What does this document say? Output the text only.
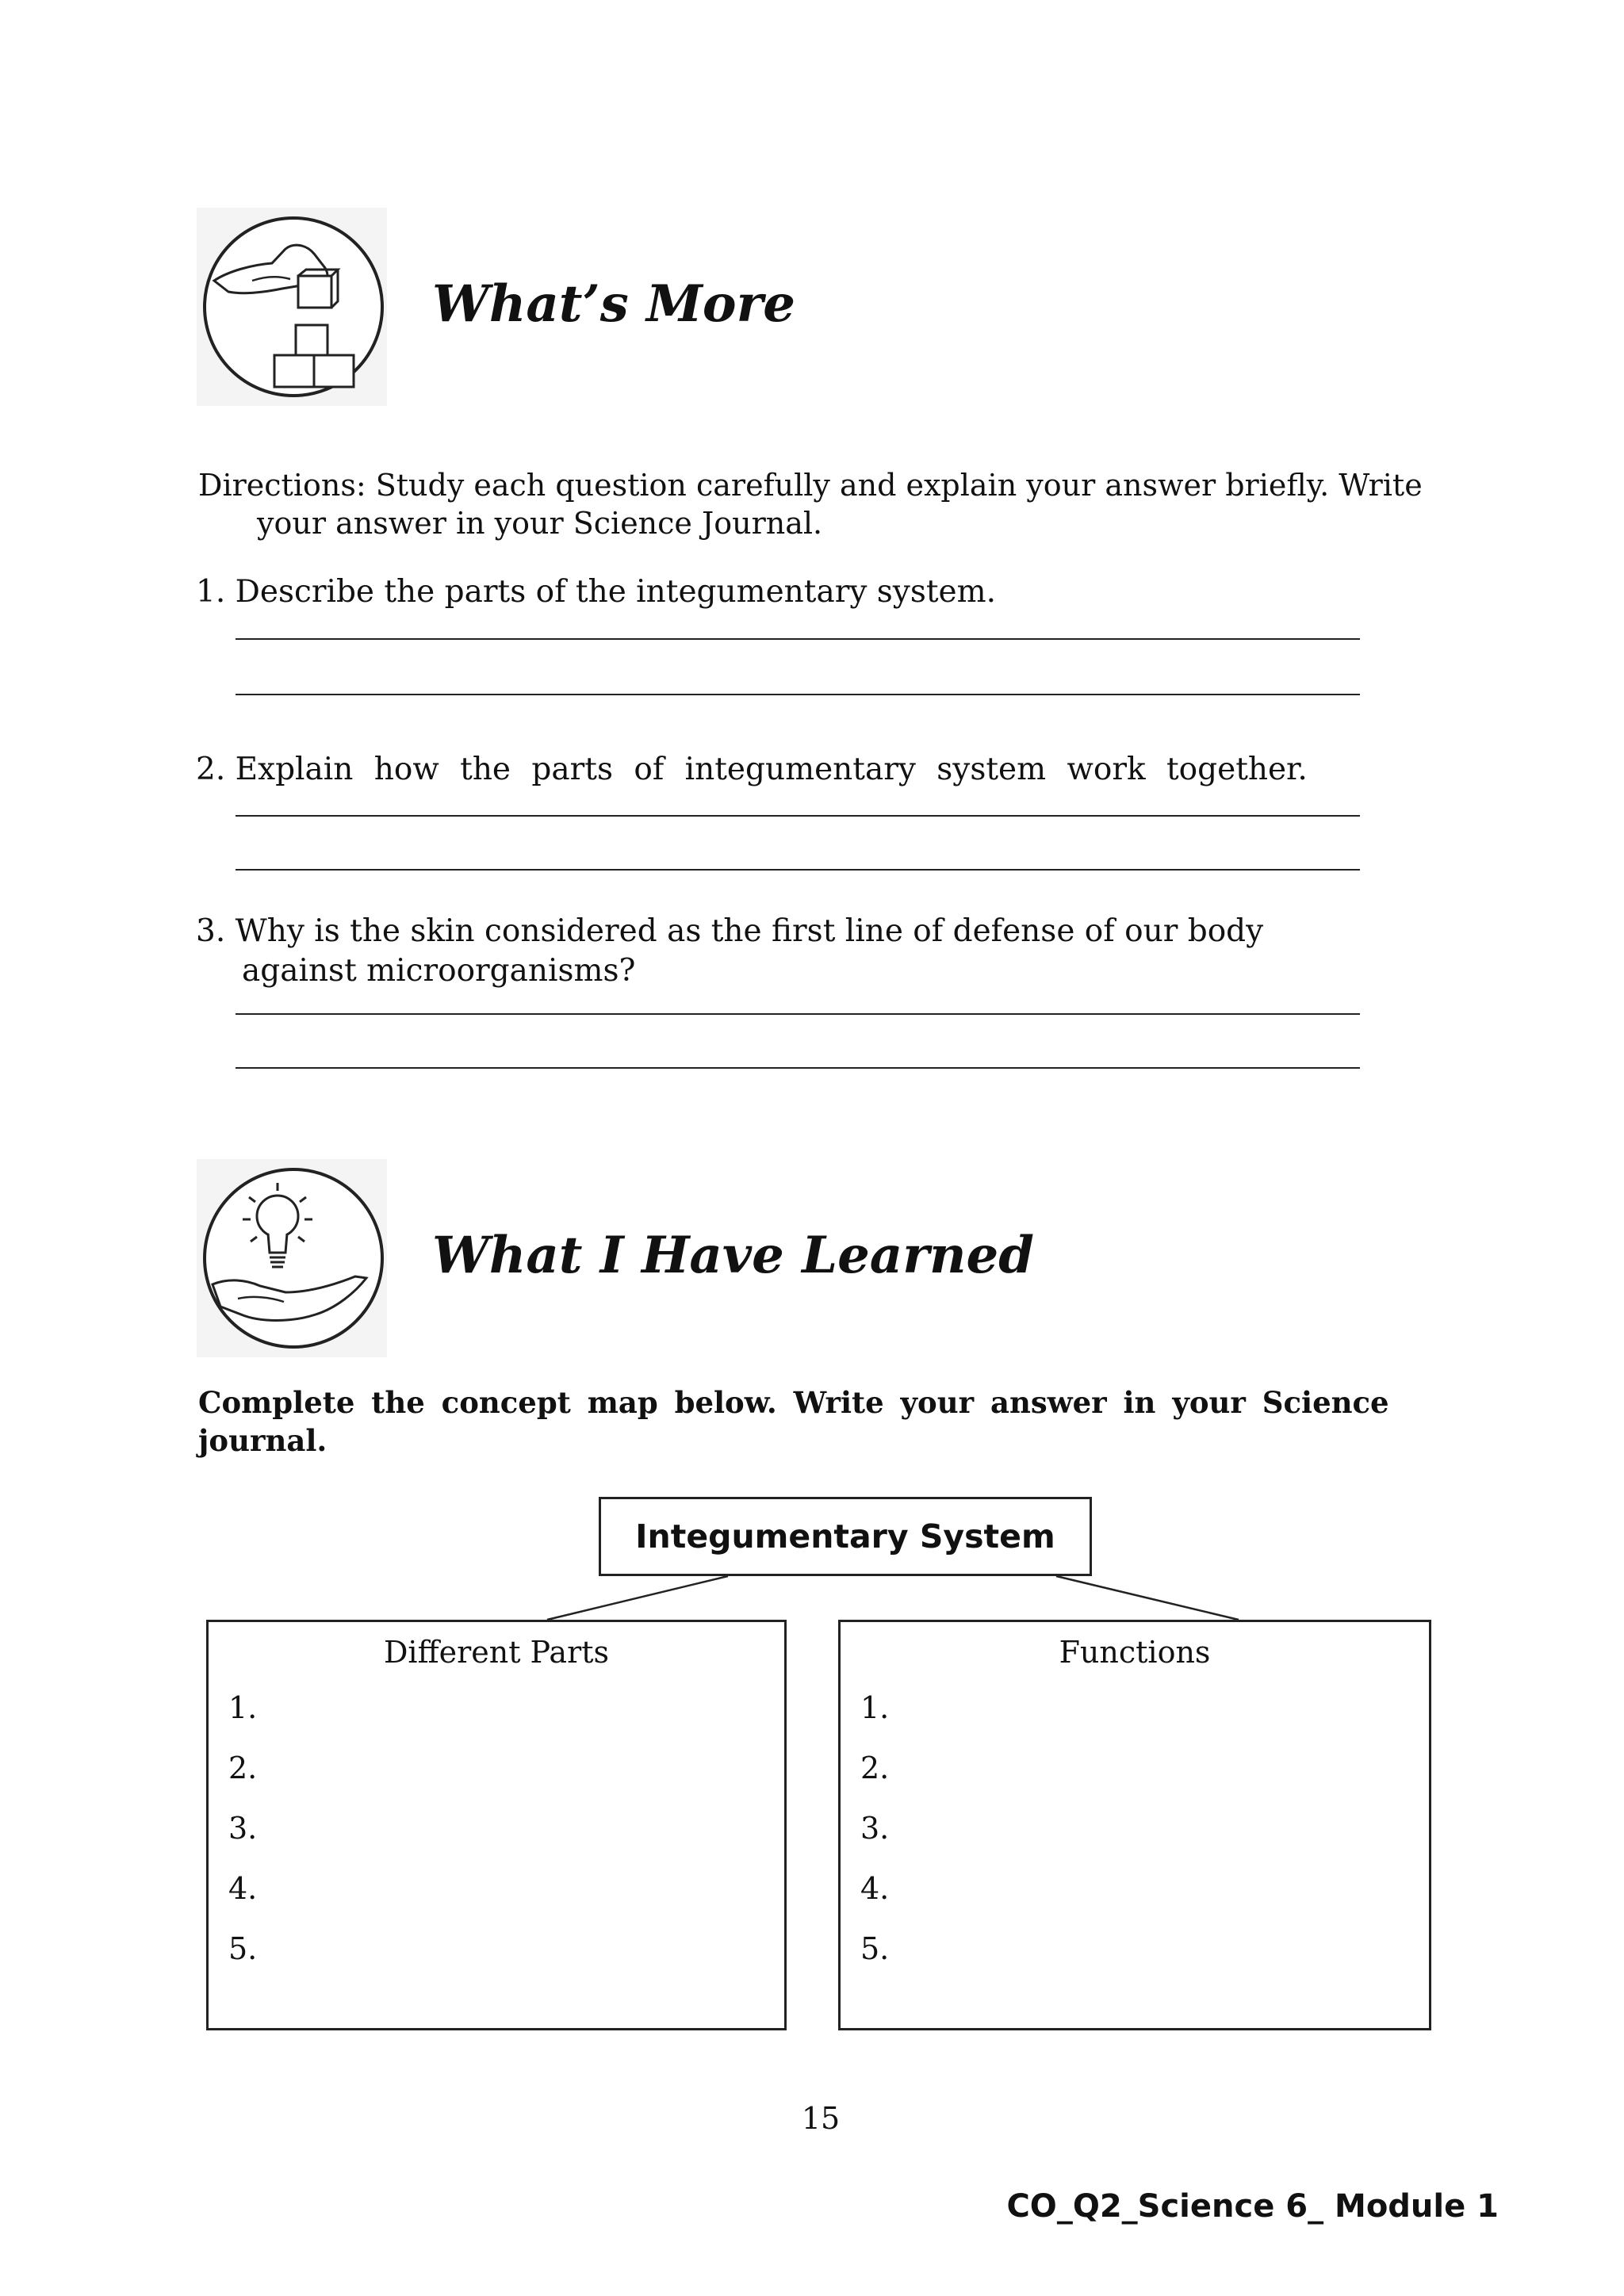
What’s More
Directions: Study each question carefully and explain your answer briefly. Write
your answer in your Science Journal.
1. Describe the parts of the integumentary system.
2. Explain how the parts of integumentary system work together.
3. Why is the skin considered as the first line of defense of our body
against microorganisms?
What I Have Learned
Complete the concept map below. Write your answer in your Science
journal.
Integumentary System
Different Parts
1.
2.
3.
4.
5.
Functions
1.
2.
3.
4.
5.
15
CO_Q2_Science 6_ Module 1
